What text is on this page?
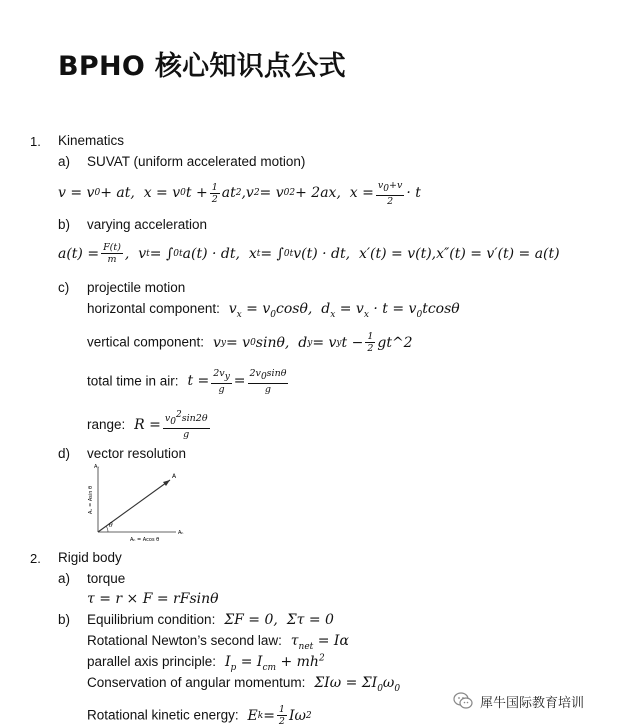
BPHO 核心知识点公式
1. Kinematics
a) SUVAT (uniform accelerated motion)
v = v 0 + at,  x = v 0 $t + \frac{1}{2}$ at 2 ,v 2 = v 0 2 + 2ax,  $x = \frac{v_0+v}{2} \cdot t$
b) varying acceleration
$a(t) = \frac{F(t)}{m}$ ,  v t = ∫ 0 t a(t) · dt,  x t = ∫ 0 t v(t) · dt,  x′(t) = v(t),x″(t) = v′(t) = a(t)
c) projectile motion
horizontal component:  $v_x = v_0\cos\theta$,  $d_x = v_x \cdot t = v_0tcos\theta$
vertical component:  v y = v 0 sinθ,  d y = v y $t - \frac{1}{2}$ gt^2
total time in air:  $t = \frac{2v_y}{g} = \frac{2v_0\sin\theta}{g}$
range:  $R = \frac{v_0^2\sin 2\theta}{g}$
d) vector resolution
θ
A
Aᵥ
Aₕ
Aᵥ = Asin θ
Aₕ = Acos θ
2. Rigid body
a) torque
τ = r × F = rFsinθ
b) Equilibrium condition:  ΣF = 0,  Στ = 0
Rotational Newton’s second law:  $\tau_{net} = I\alpha$
parallel axis principle:  $I_p = I_{cm} + mh^2$
Conservation of angular momentum:  $\Sigma I\omega = \Sigma I_0\omega_0$
Rotational kinetic energy:  E $k = \frac{1}{2}$ Iω 2
犀牛国际教育培训
